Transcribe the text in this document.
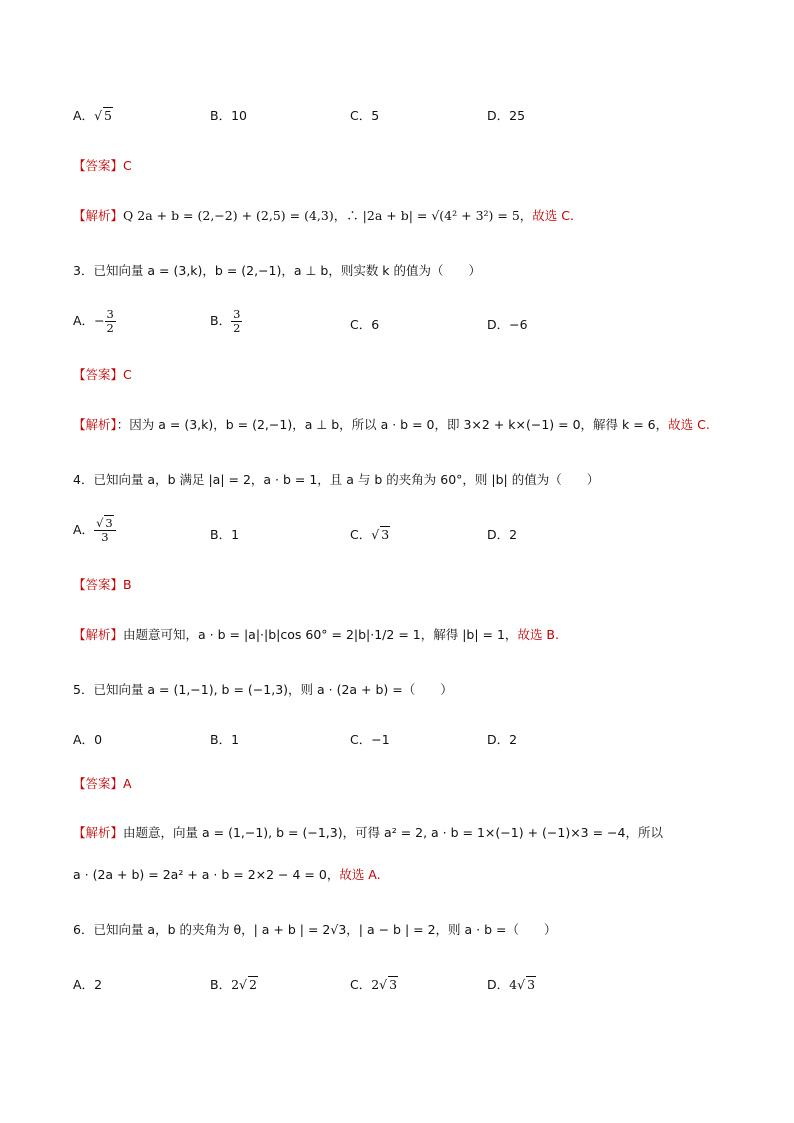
A．√ 5	B．10	C．5	D．25
【答案】C
【解析】Q 2a + b = (2,−2) + (2,5) = (4,3)，∴ |2a + b| = √(4² + 3²) = 5，故选 C.
3．已知向量 a = (3,k)，b = (2,−1)，a ⊥ b，则实数 k 的值为（　　）
A．− $\frac{3}{2}$	B． $\frac{3}{2}$	C．6	D．−6
【答案】C
【解析】：因为 a = (3,k)，b = (2,−1)，a ⊥ b，所以 a · b = 0，即 3×2 + k×(−1) = 0，解得 k = 6，故选 C.
4．已知向量 a，b 满足 |a| = 2，a · b = 1，且 a 与 b 的夹角为 60°，则 |b| 的值为（　　）
A． $\frac{√ 3}{3}$	B．1	C．√ 3	D．2
【答案】B
【解析】由题意可知，a · b = |a|·|b|cos 60° = 2|b|·1/2 = 1，解得 |b| = 1，故选 B.
5．已知向量 a = (1,−1), b = (−1,3)，则 a · (2a + b) =（　　）
A．0	B．1	C．−1	D．2
【答案】A
【解析】由题意，向量 a = (1,−1), b = (−1,3)，可得 a² = 2, a · b = 1×(−1) + (−1)×3 = −4，所以
a · (2a + b) = 2a² + a · b = 2×2 − 4 = 0，故选 A.
6．已知向量 a，b 的夹角为 θ，| a + b | = 2√3，| a − b | = 2，则 a · b =（　　）
A．2	B．2√ 2	C．2√ 3	D．4√ 3
